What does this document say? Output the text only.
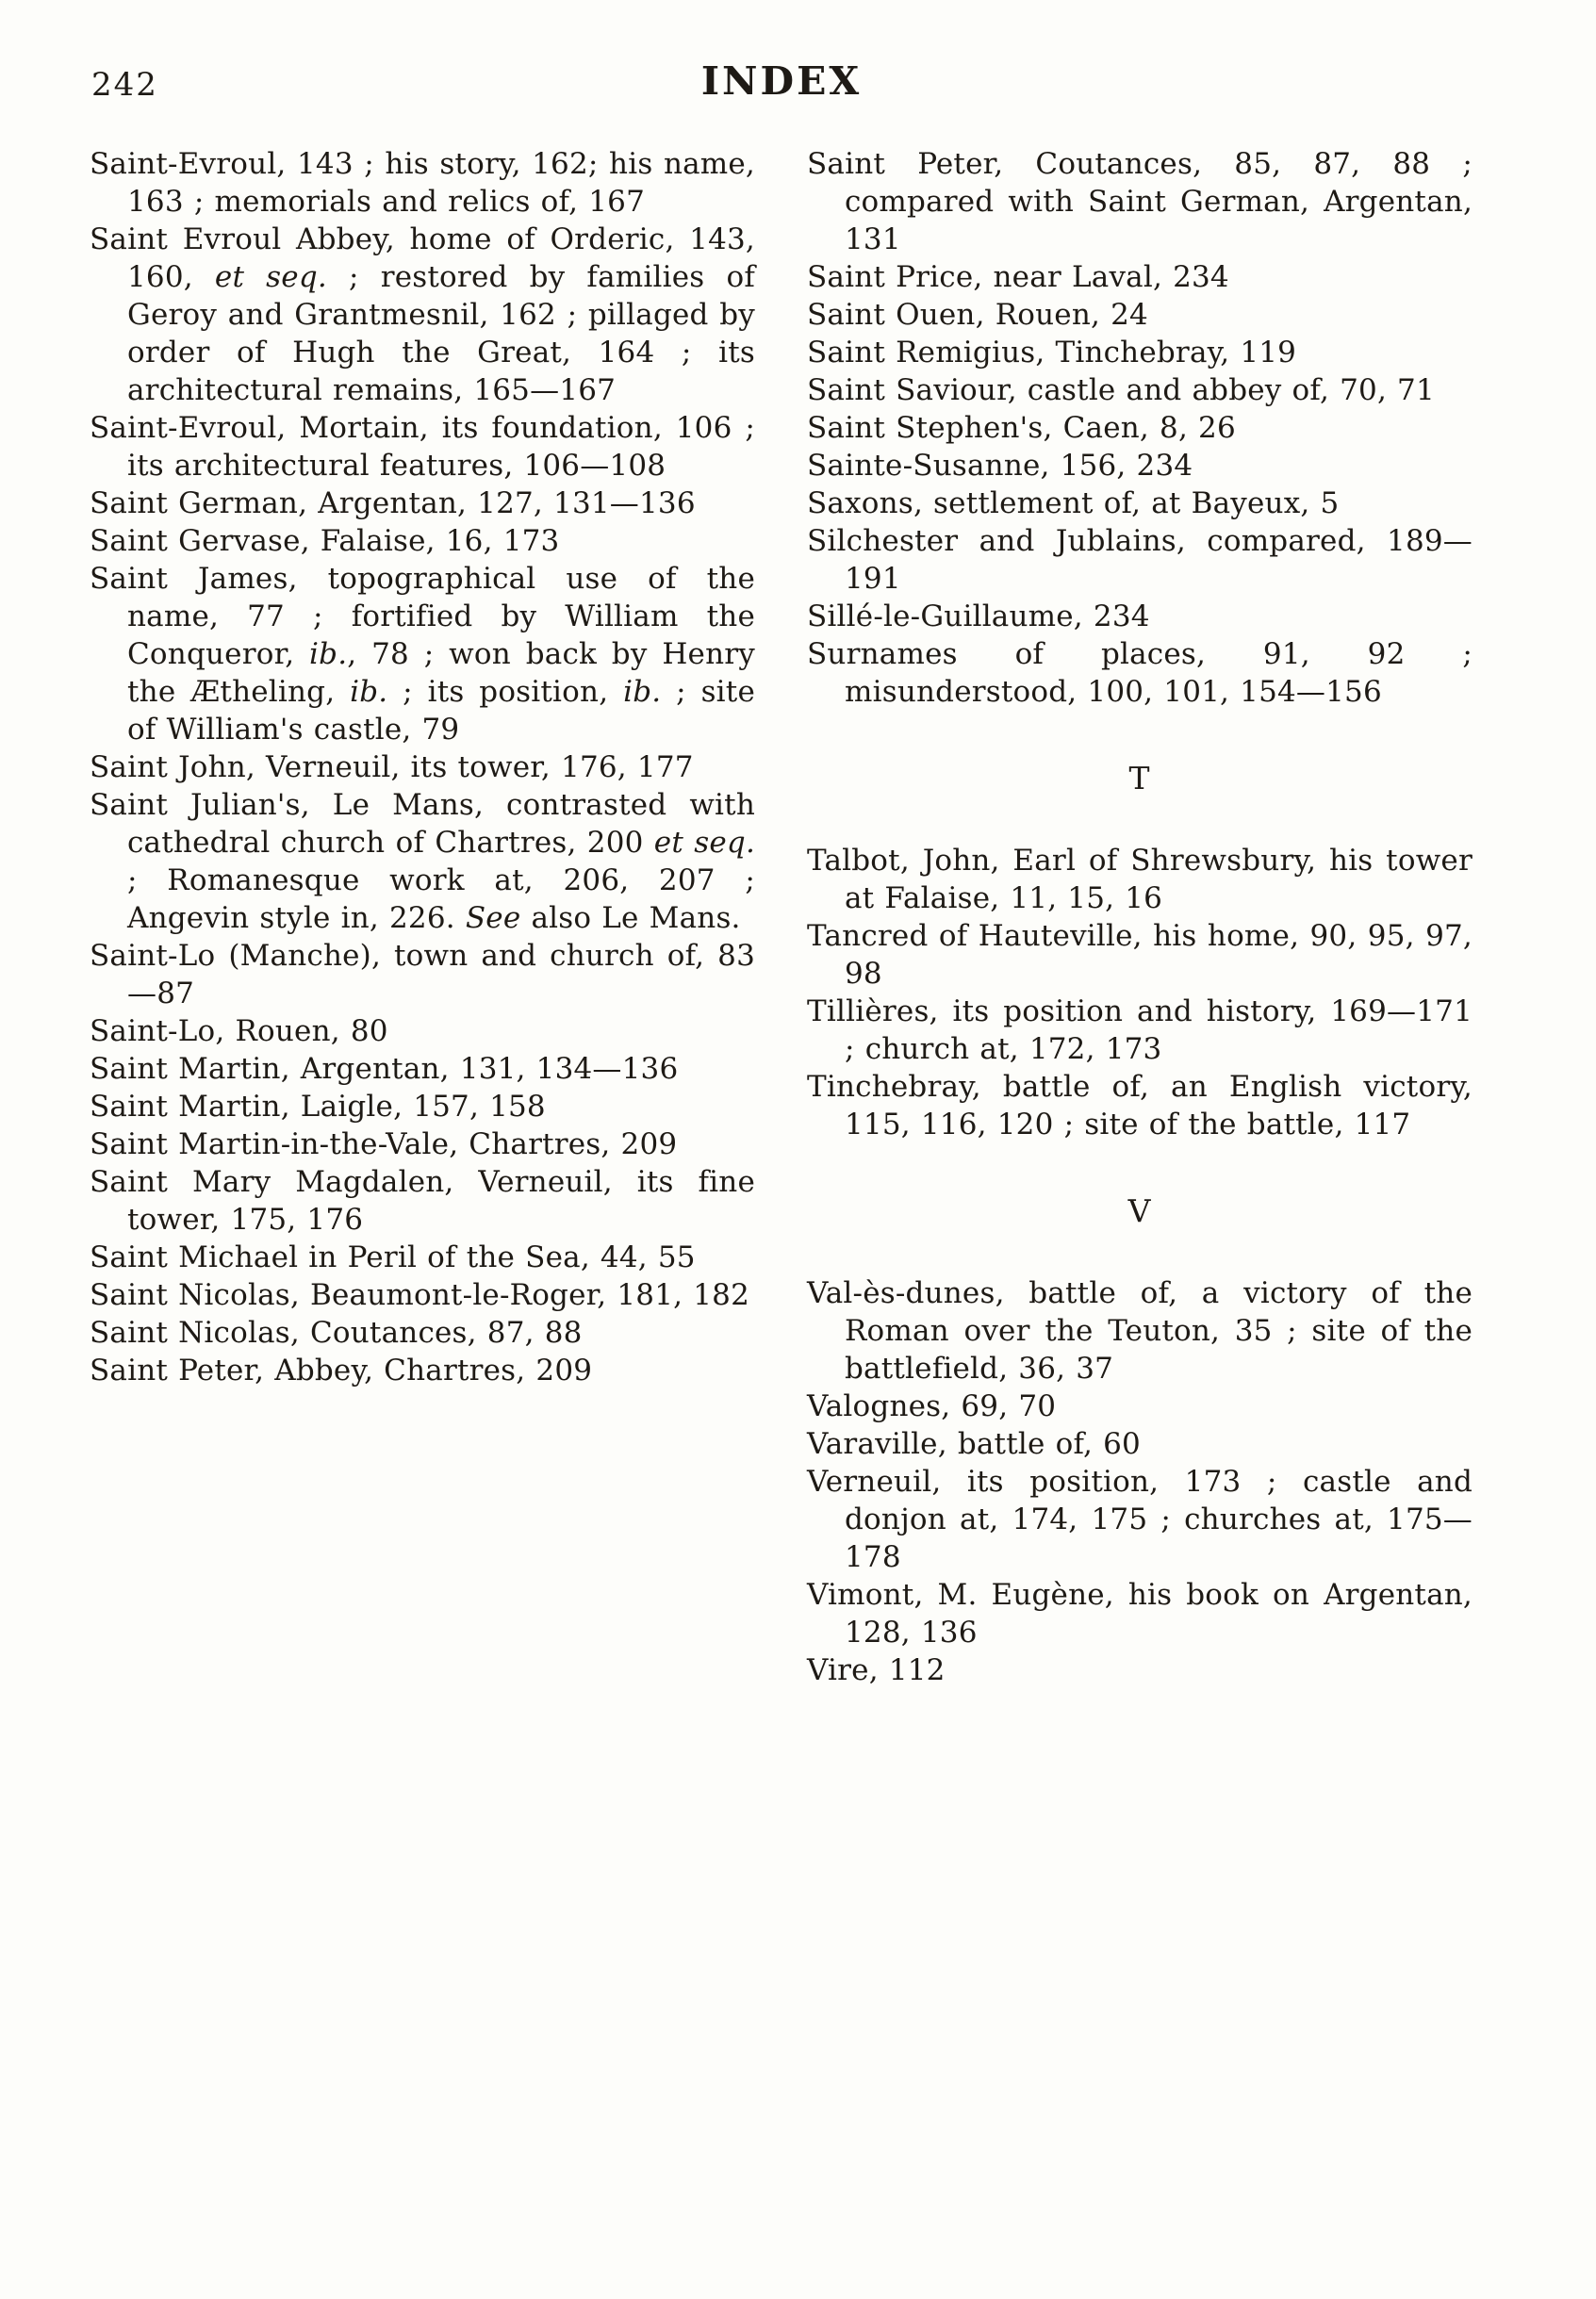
242	INDEX

Saint-Evroul, 143 ; his story, 162; his name, 163 ; memorials and relics of, 167

Saint Evroul Abbey, home of Orderic, 143, 160, et seq. ; restored by families of Geroy and Grantmesnil, 162 ; pillaged by order of Hugh the Great, 164 ; its architectural remains, 165—167

Saint-Evroul, Mortain, its foundation, 106 ; its architectural features, 106—108

Saint German, Argentan, 127, 131—136

Saint Gervase, Falaise, 16, 173

Saint James, topographical use of the name, 77 ; fortified by William the Conqueror, ib., 78 ; won back by Henry the Ætheling, ib. ; its position, ib. ; site of William's castle, 79

Saint John, Verneuil, its tower, 176, 177

Saint Julian's, Le Mans, contrasted with cathedral church of Chartres, 200 et seq. ; Romanesque work at, 206, 207 ; Angevin style in, 226. See also Le Mans.

Saint-Lo (Manche), town and church of, 83—87

Saint-Lo, Rouen, 80

Saint Martin, Argentan, 131, 134—136

Saint Martin, Laigle, 157, 158

Saint Martin-in-the-Vale, Chartres, 209

Saint Mary Magdalen, Verneuil, its fine tower, 175, 176

Saint Michael in Peril of the Sea, 44, 55

Saint Nicolas, Beaumont-le-Roger, 181, 182

Saint Nicolas, Coutances, 87, 88

Saint Peter, Abbey, Chartres, 209

Saint Peter, Coutances, 85, 87, 88 ; compared with Saint German, Argentan, 131

Saint Price, near Laval, 234

Saint Ouen, Rouen, 24

Saint Remigius, Tinchebray, 119

Saint Saviour, castle and abbey of, 70, 71

Saint Stephen's, Caen, 8, 26

Sainte-Susanne, 156, 234

Saxons, settlement of, at Bayeux, 5

Silchester and Jublains, compared, 189—191

Sillé-le-Guillaume, 234

Surnames of places, 91, 92 ; misunderstood, 100, 101, 154—156

T

Talbot, John, Earl of Shrewsbury, his tower at Falaise, 11, 15, 16

Tancred of Hauteville, his home, 90, 95, 97, 98

Tillières, its position and history, 169—171 ; church at, 172, 173

Tinchebray, battle of, an English victory, 115, 116, 120 ; site of the battle, 117

V

Val-ès-dunes, battle of, a victory of the Roman over the Teuton, 35 ; site of the battlefield, 36, 37

Valognes, 69, 70

Varaville, battle of, 60

Verneuil, its position, 173 ; castle and donjon at, 174, 175 ; churches at, 175—178

Vimont, M. Eugène, his book on Argentan, 128, 136

Vire, 112
